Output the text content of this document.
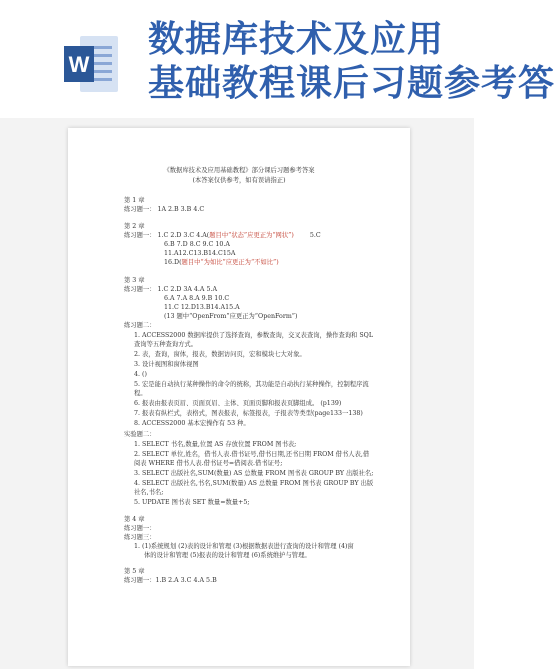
W
数据库技术及应用
基础教程课后习题参考答
《数据库技术及应用基础教程》部分课后习题参考答案
(本答案仅供参考，如有误请指正)
第 1 章
练习题一： 1A 2.B 3.B 4.C
第 2 章
练习题一： 1.C 2.D 3.C 4.A(题目中“状态”应更正为“网状”)	5.C
6.B 7.D 8.C 9.C 10.A
11.A12.C13.B14.C15A
16.D(题目中“为如比”应更正为“不如比”)
第 3 章
练习题一： 1.C 2.D 3A 4.A 5.A
6.A 7.A 8.A 9.B 10.C
11.C 12.D13.B14.A15.A
(13 题中“OpenFrom”应更正为“OpenForm”)
练习题二：
1. ACCESS2000 数据库提供了选择查询，参数查询，交叉表查询，操作查询和 SQL
查询等五种查询方式。
2. 表，查询，窗体，报表，数据访问页，宏和模块七大对象。
3. 设计视图和窗体视图
4. ()
5. 宏是能自动执行某种操作的命令的统称，其功能是自动执行某种操作，控制程序流
程。
6. 报表由报表页眉、页面页眉、主体、页面页脚和报表页脚组成。 (p139)
7. 报表有纵栏式，表格式，图表报表，标签报表，子报表等类型(page133一138)
8. ACCESS2000 基本宏操作有 53 种。
实验题二：
1. SELECT 书名,数量,位置 AS 存放位置 FROM 图书表;
2. SELECT 单位,姓名，借书人表.借书证号,借书日期,还书日期 FROM 借书人表,借
阅表 WHERE 借书人表.借书证号=借阅表.借书证号;
3. SELECT 出版社名,SUM(数量) AS 总数量 FROM 图书表 GROUP BY 出版社名;
4. SELECT 出版社名,书名,SUM(数量) AS 总数量 FROM 图书表 GROUP BY 出版
社名,书名;
5. UPDATE 图书表 SET 数量=数量+5;
第 4 章
练习题一：
练习题三：
1. (1)系统规划 (2)表的设计和管理 (3)根据数据表进行查询的设计和管理 (4)窗
体的设计和管理 (5)报表的设计和管理 (6)系统维护与管理。
第 5 章
练习题一：1.B 2.A 3.C 4.A 5.B
